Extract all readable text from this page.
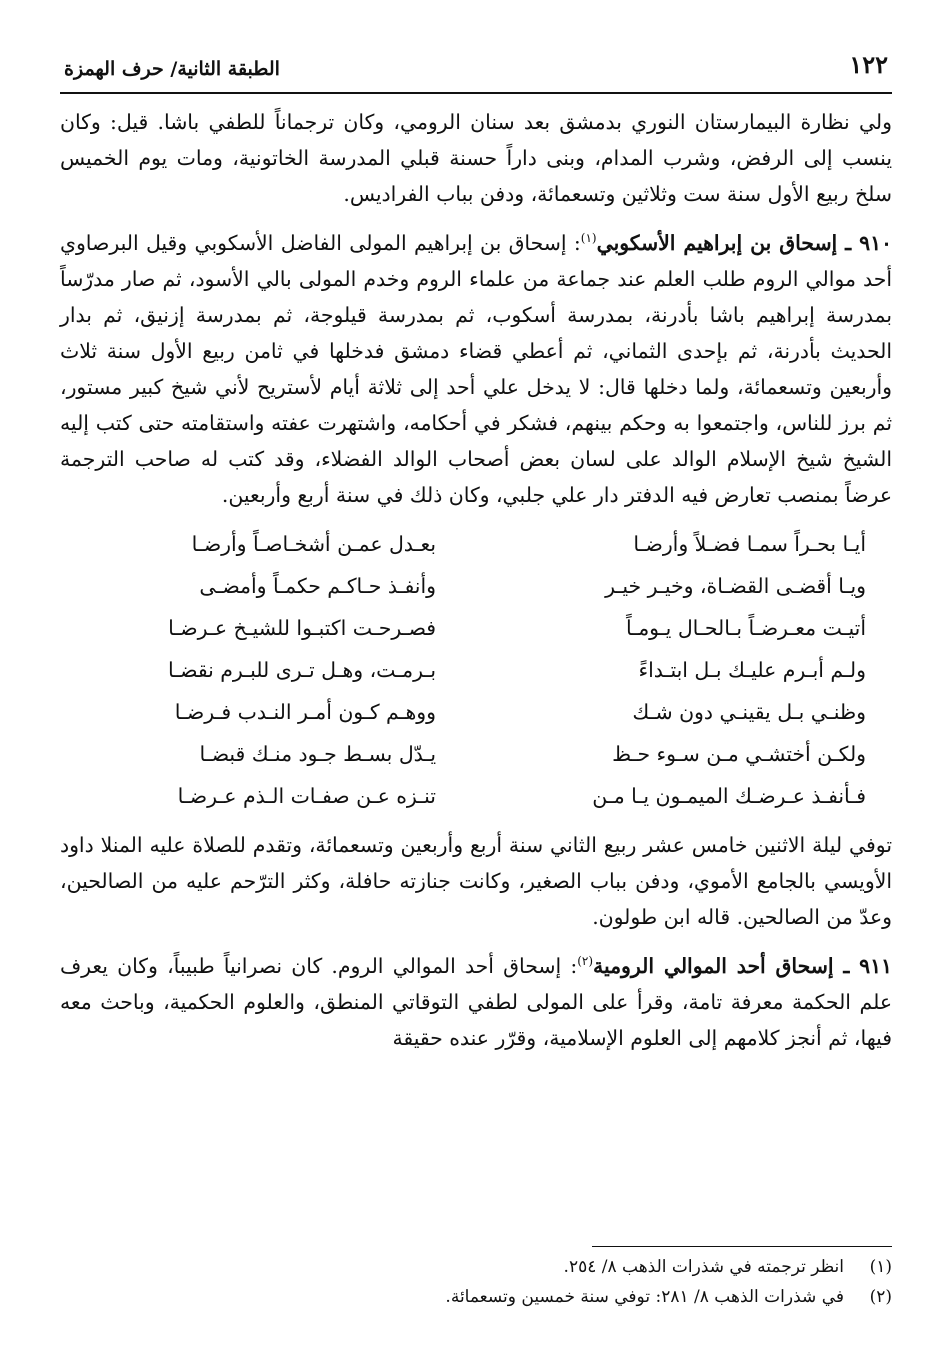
١٢٢
الطبقة الثانية/ حرف الهمزة

ولي نظارة البيمارستان النوري بدمشق بعد سنان الرومي، وكان ترجماناً للطفي باشا. قيل: وكان ينسب إلى الرفض، وشرب المدام، وبنى داراً حسنة قبلي المدرسة الخاتونية، ومات يوم الخميس سلخ ربيع الأول سنة ست وثلاثين وتسعمائة، ودفن بباب الفراديس.

٩١٠ ـ إسحاق بن إبراهيم الأسكوبي$^{(١)}$: إسحاق بن إبراهيم المولى الفاضل الأسكوبي وقيل البرصاوي أحد موالي الروم طلب العلم عند جماعة من علماء الروم وخدم المولى بالي الأسود، ثم صار مدرّساً بمدرسة إبراهيم باشا بأدرنة، بمدرسة أسكوب، ثم بمدرسة قيلوجة، ثم بمدرسة إزنيق، ثم بدار الحديث بأدرنة، ثم بإحدى الثماني، ثم أعطي قضاء دمشق فدخلها في ثامن ربيع الأول سنة ثلاث وأربعين وتسعمائة، ولما دخلها قال: لا يدخل علي أحد إلى ثلاثة أيام لأستريح لأني شيخ كبير مستور، ثم برز للناس، واجتمعوا به وحكم بينهم، فشكر في أحكامه، واشتهرت عفته واستقامته حتى كتب إليه الشيخ شيخ الإسلام الوالد على لسان بعض أصحاب الوالد الفضلاء، وقد كتب له صاحب الترجمة عرضاً بمنصب تعارض فيه الدفتر دار علي جلبي، وكان ذلك في سنة أربع وأربعين.

أيـا بحـراً سمـا فضـلاً وأرضـا
بعـدل عمـن أشخـاصـاً وأرضـا
ويـا أقضـى القضـاة، وخيـر خيـر
وأنفـذ حـاكـم حكمـاً وأمضـى
أتيـت معـرضـاً بـالحـال يـومـاً
فصـرحـت اكتبـوا للشيـخ عـرضـا
ولـم أبـرم عليـك بـل ابتـداءً
بـرمـت، وهـل تـرى للبـرم نقضـا
وظنـي بـل يقينـي دون شـك
ووهـم كـون أمـر النـدب فـرضـا
ولكـن أختشـي مـن سـوء حـظ
يـدّل بسـط جـود منـك قبضـا
فـأنفـذ عـرضـك الميمـون يـا مـن
تنـزه عـن صفـات الـذم عـرضـا

توفي ليلة الاثنين خامس عشر ربيع الثاني سنة أربع وأربعين وتسعمائة، وتقدم للصلاة عليه المنلا داود الأويسي بالجامع الأموي، ودفن بباب الصغير، وكانت جنازته حافلة، وكثر الترّحم عليه من الصالحين، وعدّ من الصالحين. قاله ابن طولون.

٩١١ ـ إسحاق أحد الموالي الرومية$^{(٢)}$: إسحاق أحد الموالي الروم. كان نصرانياً طبيباً، وكان يعرف علم الحكمة معرفة تامة، وقرأ على المولى لطفي التوقاتي المنطق، والعلوم الحكمية، وباحث معه فيها، ثم أنجز كلامهم إلى العلوم الإسلامية، وقرّر عنده حقيقة

(١)
انظر ترجمته في شذرات الذهب ٨/ ٢٥٤.
(٢)
في شذرات الذهب ٨/ ٢٨١: توفي سنة خمسين وتسعمائة.
